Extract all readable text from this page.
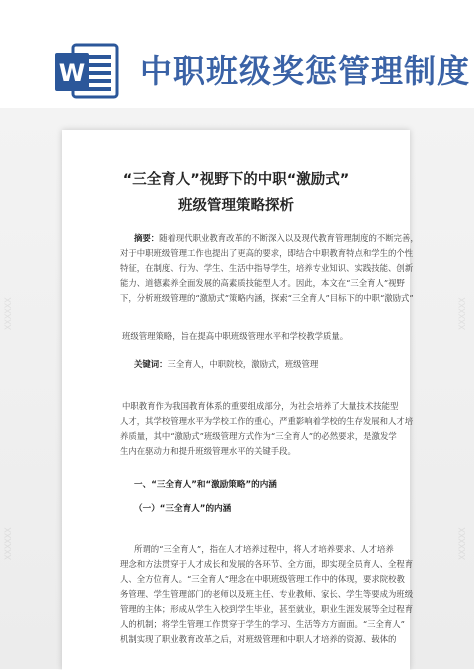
W 中职班级奖惩管理制度
“三全育人”视野下的中职“激励式”
班级管理策略探析
摘要：随着现代职业教育改革的不断深入以及现代教育管理制度的不断完善，
对于中职班级管理工作也提出了更高的要求，即结合中职教育特点和学生的个性
特征，在制度、行为、学生、生活中指导学生，培养专业知识、实践技能、创新
能力、道德素养全面发展的高素质技能型人才。因此，本文在“三全育人”视野
下，分析班级管理的“激励式”策略内涵，探索“三全育人”目标下的中职“激励式”
班级管理策略，旨在提高中职班级管理水平和学校教学质量。
关键词：三全育人，中职院校，激励式，班级管理
中职教育作为我国教育体系的重要组成部分，为社会培养了大量技术技能型
人才，其学校管理水平为学校工作的重心，严重影响着学校的生存发展和人才培
养质量，其中“激励式”班级管理方式作为“三全育人”的必然要求，是激发学
生内在驱动力和提升班级管理水平的关键手段。
一、“三全育人”和“激励策略”的内涵
（一）“三全育人”的内涵
所谓的“三全育人”，指在人才培养过程中，将人才培养要求、人才培养
理念和方法贯穿于人才成长和发展的各环节、全方面，即实现全员育人、全程育
人、全方位育人。“三全育人”理念在中职班级管理工作中的体现，要求院校教
务管理、学生管理部门的老师以及班主任、专业教师、家长、学生等要成为班级
管理的主体；形成从学生入校到学生毕业，甚至就业，职业生涯发展等全过程育
人的机制；将学生管理工作贯穿于学生的学习、生活等方方面面。“三全育人”
机制实现了职业教育改革之后，对班级管理和中职人才培养的资源、载体的
XXXXXX
XXXXXX
XXXXXX
XXXXXX
